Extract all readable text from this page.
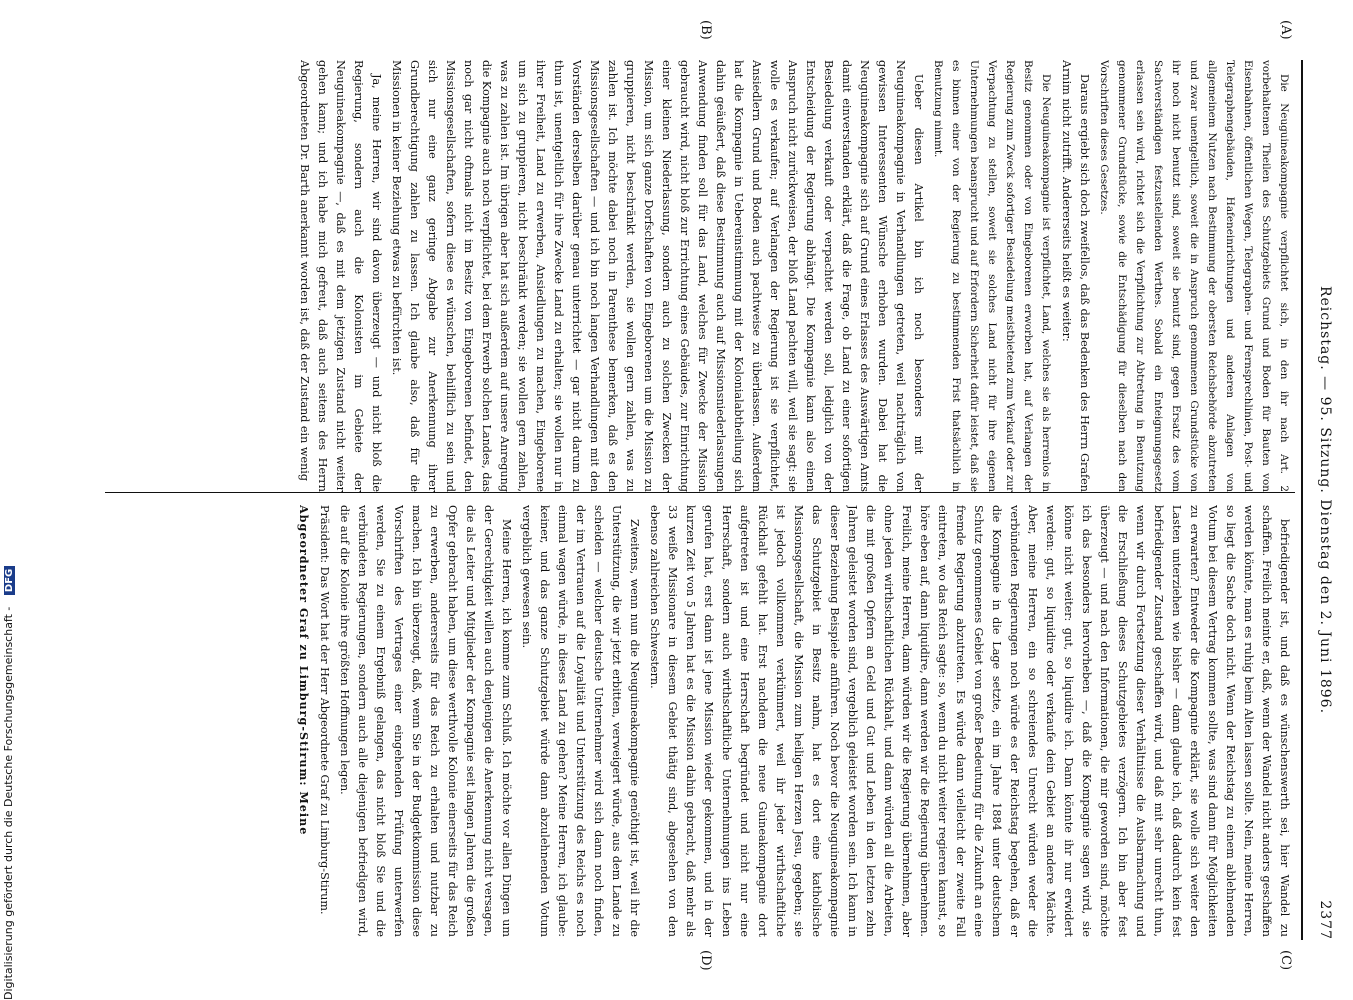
Reichstag. — 95. Sitzung. Dienstag den 2. Juni 1896.
2377
(A)
(B)
(C)
(D)

Die Neuguineakompagnie verpflichtet sich, in den ihr nach Art. 2 vorbehaltenen Theilen des Schutzgebiets Grund und Boden für Bauten von Eisenbahnen, öffentlichen Wegen, Telegraphen- und Fernsprechlinien, Post- und Telegraphengebäuden, Hafeneinrichtungen und anderen Anlagen von allgemeinem Nutzen nach Bestimmung der obersten Reichsbehörde abzutreten und zwar unentgeltlich, soweit die in Anspruch genommenen Grundstücke von ihr noch nicht benutzt sind, soweit sie benutzt sind, gegen Ersatz des vom Sachverständigen festzustellenden Werthes. Sobald ein Enteignungsgesetz erlassen sein wird, richtet sich die Verpflichtung zur Abtretung in Benutzung genommener Grundstücke, sowie die Entschädigung für dieselben nach den Vorschriften dieses Gesetzes.

Daraus ergiebt sich doch zweifellos, daß das Bedenken des Herrn Grafen Arnim nicht zutrifft. Andererseits heißt es weiter:

Die Neuguineakompagnie ist verpflichtet, Land, welches sie als herrenlos in Besitz genommen oder von Eingeborenen erworben hat, auf Verlangen der Regierung zum Zweck sofortiger Besiedelung meistbietend zum Verkauf oder zur Verpachtung zu stellen, soweit sie solches Land nicht für ihre eigenen Unternehmungen beansprucht und auf Erfordern Sicherheit dafür leistet, daß sie es binnen einer von der Regierung zu bestimmenden Frist thatsächlich in Benutzung nimmt.

Ueber diesen Artikel bin ich noch besonders mit der Neuguineakompagnie in Verhandlungen getreten, weil nachträglich von gewissen Interessenten Wünsche erhoben wurden. Dabei hat die Neuguineakompagnie sich auf Grund eines Erlasses des Auswärtigen Amts damit einverstanden erklärt, daß die Frage, ob Land zu einer sofortigen Besiedelung verkauft oder verpachtet werden soll, lediglich von der Entscheidung der Regierung abhängt. Die Kompagnie kann also einen Anspruch nicht zurückweisen, der bloß Land pachten will, weil sie sagt: sie wolle es verkaufen; auf Verlangen der Regierung ist sie verpflichtet, Ansiedlern Grund und Boden auch pachtweise zu überlassen. Außerdem hat die Kompagnie in Uebereinstimmung mit der Kolonialabtheilung sich dahin geäußert, daß diese Bestimmung auch auf Missionsniederlassungen Anwendung finden soll für das Land, welches für Zwecke der Mission gebraucht wird, nicht bloß zur Errichtung eines Gebäudes, zur Einrichtung einer kleinen Niederlassung, sondern auch zu solchen Zwecken der Mission, um sich ganze Dorfschaften von Eingeborenen um die Mission zu gruppieren, nicht beschränkt werden, sie wollen gern zahlen, was zu zahlen ist. Ich möchte dabei noch in Parenthese bemerken, daß es den Missionsgesellschaften — und ich bin noch langen Verhandlungen mit den Vorständen derselben darüber genau unterrichtet — gar nicht darum zu thun ist, unentgeltlich für ihre Zwecke Land zu erhalten; sie wollen nur in ihrer Freiheit, Land zu erwerben, Ansiedlungen zu machen, Eingeborene um sich zu gruppieren, nicht beschränkt werden; sie wollen gern zahlen, was zu zahlen ist. Im übrigen aber hat sich außerdem auf unsere Anregung die Kompagnie auch noch verpflichtet, bei dem Erwerb solchen Landes, das noch gar nicht oftmals nicht im Besitz von Eingeborenen befindet, den Missionsgesellschaften, sofern diese es wünschen, behilflich zu sein und sich nur eine ganz geringe Abgabe zur Anerkennung ihrer Grundberechtigung zahlen zu lassen. Ich glaube also, daß für die Missionen in keiner Beziehung etwas zu befürchten ist.

Ja, meine Herren, wir sind davon überzeugt — und nicht bloß die Regierung, sondern auch die Kolonisten im Gebiete der Neuguineakompagnie —, daß es mit dem jetzigen Zustand nicht weiter gehen kann; und ich habe mich gefreut, daß auch seitens des Herrn Abgeordneten Dr. Barth anerkannt worden ist, daß der Zustand ein wenig

befriedigender ist, und daß es wünschenswerth sei, hier Wandel zu schaffen. Freilich meinte er, daß, wenn der Wandel nicht anders geschaffen werden könnte, man es ruhig beim Alten lassen sollte. Nein, meine Herren, so liegt die Sache doch nicht. Wenn der Reichstag zu einem ablehnenden Votum bei diesem Vertrag kommen sollte, was sind dann für Möglichkeiten zu erwarten? Entweder die Kompagnie erklärt, sie wolle sich weiter den Lasten unterziehen wie bisher — dann glaube ich, daß dadurch kein fest befriedigender Zustand geschaffen wird, und daß mit sehr unrecht thun, wenn wir durch Fortsetzung dieser Verhältnisse die Ausbarmachung und die Erschließung dieses Schutzgebietes verzögern. Ich bin aber fest überzeugt — und nach den Informationen, die mir geworden sind, möchte ich das besonders hervorheben —, daß die Kompagnie sagen wird, sie könne nicht weiter: gut, so liquidire ich. Dann könnte ihr nur erwidert werden: gut, so liquidire oder verkaufe dein Gebiet an andere Mächte. Aber, meine Herren, ein so schreiendes Unrecht würden weder die verbündeten Regierungen noch würde es der Reichstag begehen, daß er die Kompagnie in die Lage setzte, ein im Jahre 1884 unter deutschem Schutz genommenes Gebiet von großer Bedeutung für die Zukunft an eine fremde Regierung abzutreten. Es würde dann vielleicht der zweite Fall eintreten, wo das Reich sagte: so, wenn du nicht weiter regieren kannst, so höre eben auf, dann liquidire, dann werden wir die Regierung übernehmen. Freilich, meine Herren, dann würden wir die Regierung übernehmen, aber ohne jeden wirthschaftlichen Rückhalt, und dann würden all die Arbeiten, die mit großen Opfern an Geld und Gut und Leben in den letzten zehn Jahren geleistet worden sind, vergeblich geleistet worden sein. Ich kann in dieser Beziehung Beispiele anführen. Noch bevor die Neuguineakompagnie das Schutzgebiet in Besitz nahm, hat es dort eine katholische Missionsgesellschaft, die Mission zum heiligen Herzen Jesu, gegeben; sie ist jedoch vollkommen verkümmert, weil ihr jeder wirthschaftliche Rückhalt gefehlt hat. Erst nachdem die neue Guineakompagnie dort aufgetreten ist und eine Herrschaft begründet und nicht nur eine Herrschaft, sondern auch wirthschaftliche Unternehmungen ins Leben gerufen hat, erst dann ist jene Mission wieder gekommen, und in der kurzen Zeit von 5 Jahren hat es die Mission dahin gebracht, daß mehr als 33 weiße Missionare in diesem Gebiet thätig sind, abgesehen von den ebenso zahlreichen Schwestern.

Zweitens, wenn nun die Neuguineakompagnie genöthigt ist, weil ihr die Unterstützung, die wir jetzt erbitten, verweigert würde, aus dem Lande zu scheiden — welcher deutsche Unternehmer wird sich dann noch finden, der im Vertrauen auf die Loyalität und Unterstützung des Reichs es noch einmal wagen würde, in dieses Land zu gehen? Meine Herren, ich glaube: keiner, und das ganze Schutzgebiet würde dann abzulehnenden Votum vergeblich gewesen sein.

Meine Herren, ich komme zum Schluß. Ich möchte vor allen Dingen um der Gerechtigkeit willen auch denjenigen die Anerkennung nicht versagen, die als Leiter und Mitglieder der Kompagnie seit langen Jahren die großen Opfer gebracht haben, um diese werthvolle Kolonie einerseits für das Reich zu erwerben, andererseits für das Reich zu erhalten und nutzbar zu machen. Ich bin überzeugt, daß, wenn Sie in der Budgetkommission diese Vorschriften des Vertrages einer eingehenden Prüfung unterwerfen werden, Sie zu einem Ergebniß gelangen, das nicht bloß Sie und die verbündeten Regierungen, sondern auch alle diejenigen befriedigen wird, die auf die Kolonie ihre größten Hoffnungen legen.

Präsident: Das Wort hat der Herr Abgeordnete Graf zu Limburg-Stirum.

Abgeordneter Graf zu Limburg-Stirum: Meine

Digitalisierung gefördert durch die Deutsche Forschungsgemeinschaft - DFG
